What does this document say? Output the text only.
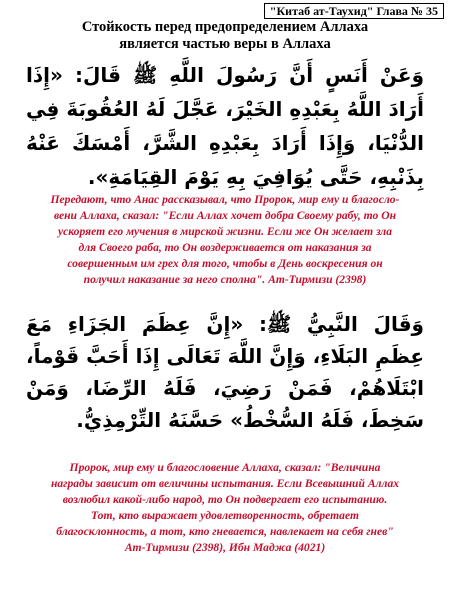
"Китаб ат-Таухид" Глава № 35
Стойкость перед предопределением Аллаха
является частью веры в Аллаха
وَعَنْ أَنَسٍ أَنَّ رَسُولَ اللَّهِ ﷺ قَالَ: «إِذَا أَرَادَ اللَّهُ بِعَبْدِهِ الخَيْرَ، عَجَّلَ لَهُ العُقُوبَةَ فِي الدُّنْيَا، وَإِذَا أَرَادَ بِعَبْدِهِ الشَّرَّ، أَمْسَكَ عَنْهُ بِذَنْبِهِ، حَتَّى يُوَافِيَ بِهِ يَوْمَ القِيَامَةِ».
Передают, что Анас рассказывал, что Пророк, мир ему и благосло-
вени Аллаха, сказал: "Если Аллах хочет добра Своему рабу, то Он
ускоряет его мучения в мирской жизни. Если же Он желает зла
для Своего раба, то Он воздерживается от наказания за
совершенным им грех для того, чтобы в День воскресения он
получил наказание за него сполна". Ат-Тирмизи (2398)
وَقَالَ النَّبِيُّ ﷺ: «إِنَّ عِظَمَ الجَزَاءِ مَعَ عِظَمِ البَلَاءِ، وَإِنَّ اللَّهَ تَعَالَى إِذَا أَحَبَّ قَوْماً، ابْتَلَاهُمْ، فَمَنْ رَضِيَ، فَلَهُ الرِّضَا، وَمَنْ سَخِطَ، فَلَهُ السُّخْطُ» حَسَّنَهُ التِّرْمِذِيُّ.
Пророк, мир ему и благословение Аллаха, сказал: "Величина
награды зависит от величины испытания. Если Всевышний Аллах
возлюбил какой-либо народ, то Он подвергает его испытанию.
Тот, кто выражает удовлетворенность, обретает
благосклонность, а тот, кто гневается, навлекает на себя гнев"
Ат-Тирмизи (2398), Ибн Маджа (4021)
